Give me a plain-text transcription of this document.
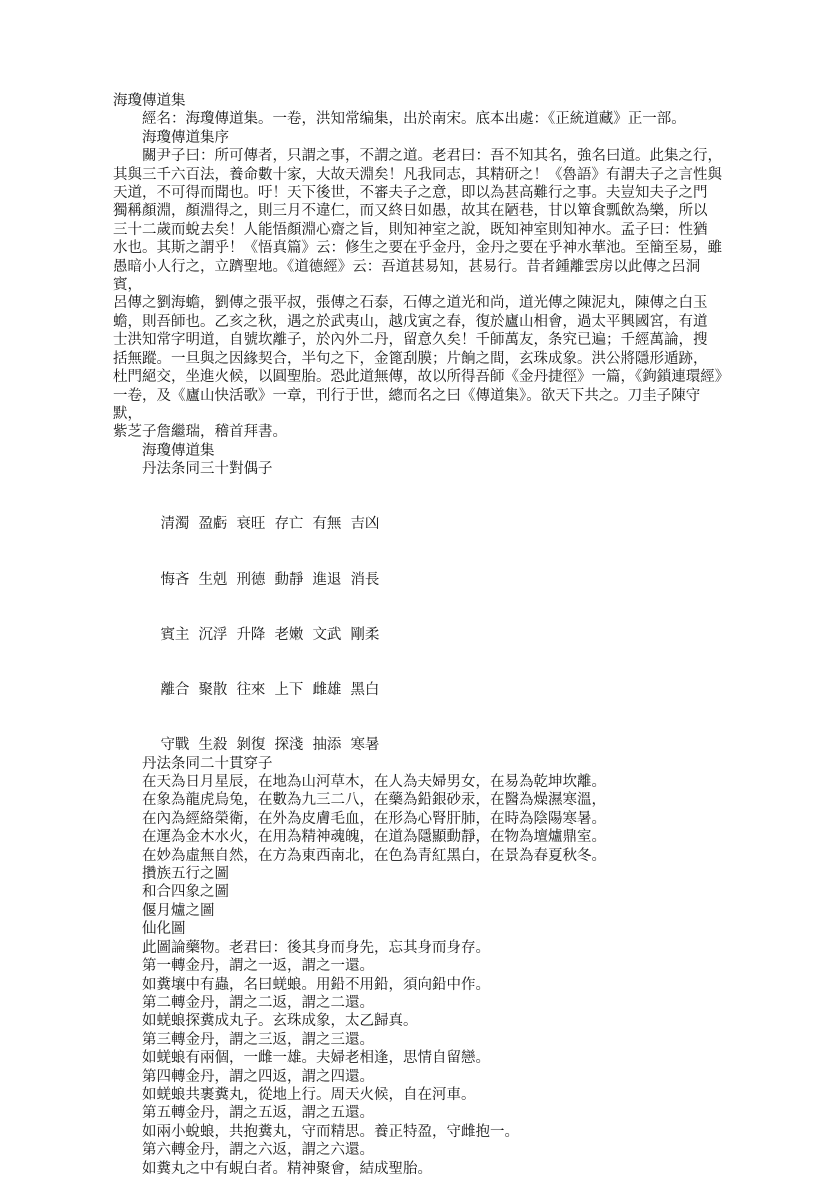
海瓊傳道集
經名：海瓊傳道集。一卷，洪知常编集，出於南宋。底本出處：《正統道藏》正一部。
海瓊傳道集序
關尹子曰：所可傳者，只謂之事，不謂之道。老君曰：吾不知其名，強名曰道。此集之行，
其與三千六百法，養命數十家，大故天淵矣！凡我同志，其精研之！《魯語》有謂夫子之言性與
天道，不可得而聞也。吁！天下後世，不審夫子之意，即以為甚高難行之事。夫豈知夫子之門
獨稱顏淵，顏淵得之，則三月不違仁，而又終日如愚，故其在陋巷，甘以簞食瓢飲為樂，所以
三十二歲而蛻去矣！人能悟顏淵心齋之旨，則知神室之說，既知神室則知神水。孟子曰：性猶
水也。其斯之謂乎！《悟真篇》云：修生之要在乎金丹，金丹之要在乎神水華池。至簡至易，雖
愚暗小人行之，立躋聖地。《道德經》云：吾道甚易知，甚易行。昔者鍾離雲房以此傳之呂洞賓，
呂傳之劉海蟾，劉傳之張平叔，張傳之石泰，石傳之道光和尚，道光傳之陳泥丸，陳傳之白玉
蟾，則吾師也。乙亥之秋，遇之於武夷山，越戊寅之春，復於廬山相會，過太平興國宮，有道
士洪知常字明道，自號坎離子，於內外二丹，留意久矣！千師萬友，条究已遍；千經萬論，搜
括無蹤。一旦與之因緣契合，半句之下，金篦刮膜；片餉之間，玄珠成象。洪公將隱形遁跡，
杜門絕交，坐進火候，以圓聖胎。恐此道無傳，故以所得吾師《金丹捷徑》一篇，《鉤鎖連環經》
一卷，及《廬山快活歌》一章，刊行于世，總而名之曰《傳道集》。欲天下共之。刀圭子陳守默，
紫芝子詹繼瑞，稽首拜書。
海瓊傳道集
丹法条同三十對偶子

清濁 盈虧 衰旺 存亡 有無 吉凶

悔吝 生剋 刑德 動靜 進退 消長

賓主 沉浮 升降 老嫩 文武 剛柔

離合 聚散 往來 上下 雌雄 黑白

守戰 生殺 剝復 探淺 抽添 寒暑
丹法条同二十貫穿子
在天為日月星辰，在地為山河草木，在人為夫婦男女，在易為乾坤坎離。
在象為龍虎烏兔，在數為九三二八，在藥為鉛銀砂汞，在醫為燥濕寒溫，
在內為經絡榮衛，在外為皮膚毛血，在形為心腎肝肺，在時為陰陽寒暑。
在運為金木水火，在用為精神魂魄，在道為隱顯動靜，在物為壇爐鼎室。
在妙為虛無自然，在方為東西南北，在色為青紅黑白，在景為春夏秋冬。
攢族五行之圖
和合四象之圖
偃月爐之圖
仙化圖
此圖論藥物。老君曰：後其身而身先，忘其身而身存。
第一轉金丹，謂之一返，謂之一還。
如糞壤中有蟲，名曰蜣蜋。用鉛不用鉛，須向鉛中作。
第二轉金丹，謂之二返，謂之二還。
如蜣蜋探糞成丸子。玄珠成象，太乙歸真。
第三轉金丹，謂之三返，謂之三還。
如蜣蜋有兩個，一雌一雄。夫婦老相逢，思情自留戀。
第四轉金丹，謂之四返，謂之四還。
如蜣蜋共裹糞丸，從地上行。周天火候，自在河車。
第五轉金丹，謂之五返，謂之五還。
如兩小蛻蜋，共抱糞丸，守而精思。養正特盈，守雌抱一。
第六轉金丹，謂之六返，謂之六還。
如糞丸之中有蜆白者。精神聚會，結成聖胎。
